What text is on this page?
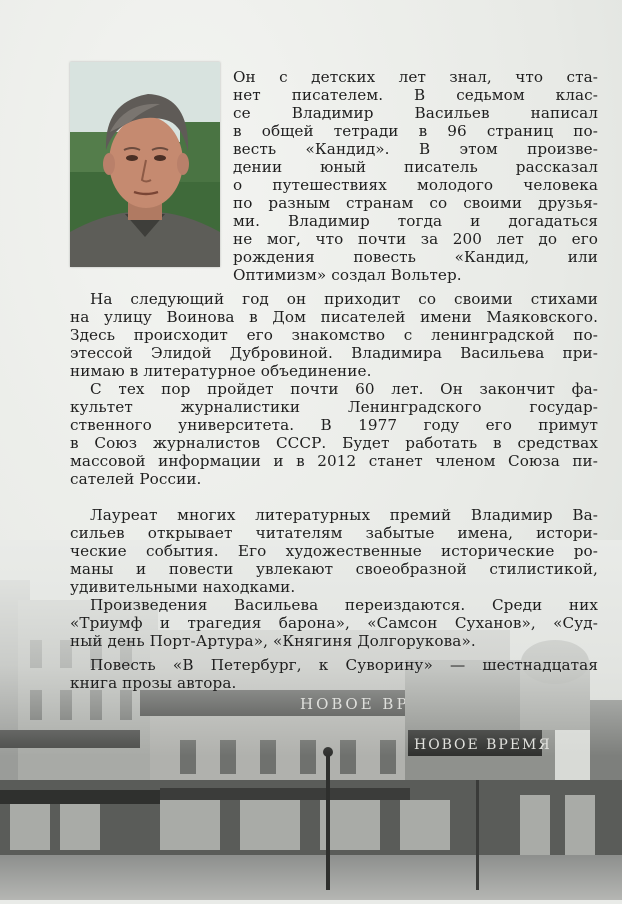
Он с детских лет знал, что ста-
нет писателем. В седьмом клас-
се Владимир Васильев написал
в общей тетради в 96 страниц по-
весть «Кандид». В этом произве-
дении юный писатель рассказал
о путешествиях молодого человека
по разным странам со своими друзья-
ми. Владимир тогда и догадаться
не мог, что почти за 200 лет до его
рождения повесть «Кандид, или
Оптимизм» создал Вольтер.
На следующий год он приходит со своими стихами
на улицу Воинова в Дом писателей имени Маяковского.
Здесь происходит его знакомство с ленинградской по-
этессой Элидой Дубровиной. Владимира Васильева при-
нимаю в литературное объединение.
С тех пор пройдет почти 60 лет. Он закончит фа-
культет журналистики Ленинградского государ-
ственного университета. В 1977 году его примут
в Союз журналистов СССР. Будет работать в средствах
массовой информации и в 2012 станет членом Союза пи-
сателей России.
Лауреат многих литературных премий Владимир Ва-
сильев открывает читателям забытые имена, истори-
ческие события. Его художественные исторические ро-
маны и повести увлекают своеобразной стилистикой,
удивительными находками.
Произведения Васильева переиздаются. Среди них
«Триумф и трагедия барона», «Самсон Суханов», «Суд-
ный день Порт-Артура», «Княгиня Долгорукова».
Повесть «В Петербург, к Суворину» — шестнадцатая
книга прозы автора.
